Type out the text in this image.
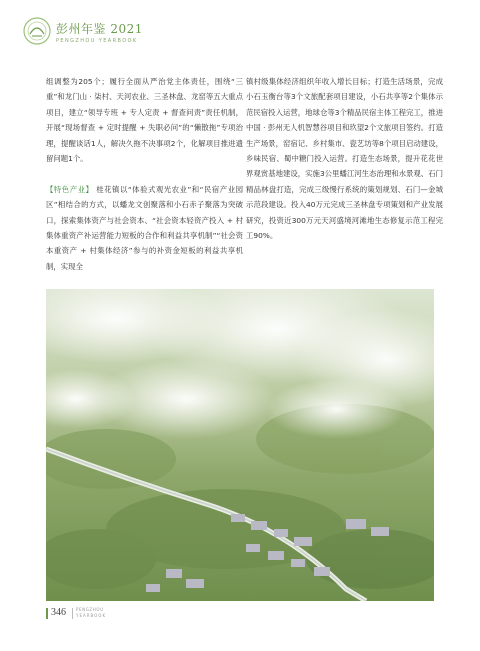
彭州年鉴 2021
PENGZHOU YEARBOOK

组调整为205个；履行全面从严治党主体责任，围绕“三重”和龙门山 · 柒村、天河农业、三圣林盘、龙窑等五大重点项目，建立“领导专班 + 专人定责 + 督查问责”责任机制，开展“现场督查 + 定时提醒 + 失职必问”的“懒散拖”专项治理，提醒谈话1人，解决久拖不决事项2个，化解项目推进遗留问题1个。

【特色产业】 桂花镇以“体验式观光农业”和“民宿产业园区”相结合的方式，以蟠龙文创聚落和小石赤子聚落为突破口，探索集体资产与社会资本、“社会资本轻资产投入 + 村集体重资产补运营能力短板的合作和利益共享机制”“社会资本重资产 + 村集体经济”参与的补资金短板的利益共享机制，实现全

镇村级集体经济组织年收入增长目标；打造生活场景，完成小石玉衡台等3个文旅配套项目建设，小石共享等2个集体示范民宿投入运营，地球仓等3个精品民宿主体工程完工，推进中国 · 彭州无人机智慧谷项目和玖望2个文旅项目签约。打造生产场景，窑宿记、乡村集市、瓷艺坊等8个项目启动建设，乡味民宿、蜀中糖门投入运营。打造生态场景，提升花花世界观赏基地建设，实施3公里蟠江河生态治理和水景观、石门精品林盘打造，完成三级慢行系统的策划规划、石门—金城示范段建设。投入40万元完成三圣林盘专项策划和产业发展研究，投资近300万元天河盛境河滩地生态修复示范工程完工90%。

346	PENGZHOU
YEARBOOK
